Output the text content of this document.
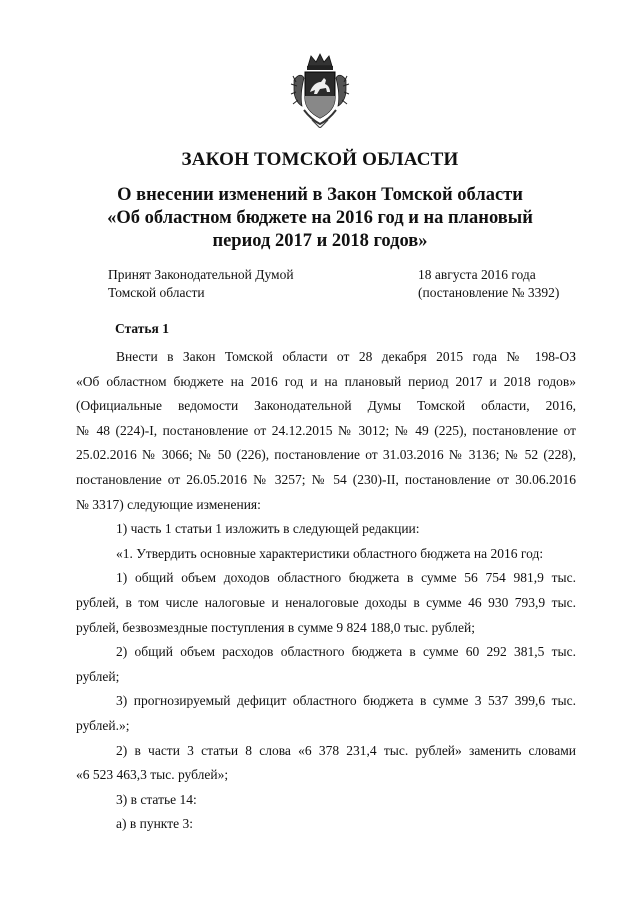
ЗАКОН ТОМСКОЙ ОБЛАСТИ
О внесении изменений в Закон Томской области
«Об областном бюджете на 2016 год и на плановый
период 2017 и 2018 годов»
Принят Законодательной Думой
Томской области
18 августа 2016 года
(постановление № 3392)
Статья 1

Внести в Закон Томской области от 28 декабря 2015 года № 198-ОЗ
«Об областном бюджете на 2016 год и на плановый период 2017 и 2018 годов»
(Официальные ведомости Законодательной Думы Томской области, 2016,
№ 48 (224)-I, постановление от 24.12.2015 № 3012; № 49 (225), постановление от
25.02.2016 № 3066; № 50 (226), постановление от 31.03.2016 № 3136; № 52 (228),
постановление от 26.05.2016 № 3257; № 54 (230)-II, постановление от 30.06.2016
№ 3317) следующие изменения:

1) часть 1 статьи 1 изложить в следующей редакции:

«1. Утвердить основные характеристики областного бюджета на 2016 год:

1) общий объем доходов областного бюджета в сумме 56 754 981,9 тыс.
рублей, в том числе налоговые и неналоговые доходы в сумме 46 930 793,9 тыс.
рублей, безвозмездные поступления в сумме 9 824 188,0 тыс. рублей;

2) общий объем расходов областного бюджета в сумме 60 292 381,5 тыс.
рублей;

3) прогнозируемый дефицит областного бюджета в сумме 3 537 399,6 тыс.
рублей.»;

2) в части 3 статьи 8 слова «6 378 231,4 тыс. рублей» заменить словами
«6 523 463,3 тыс. рублей»;

3) в статье 14:

а) в пункте 3:
